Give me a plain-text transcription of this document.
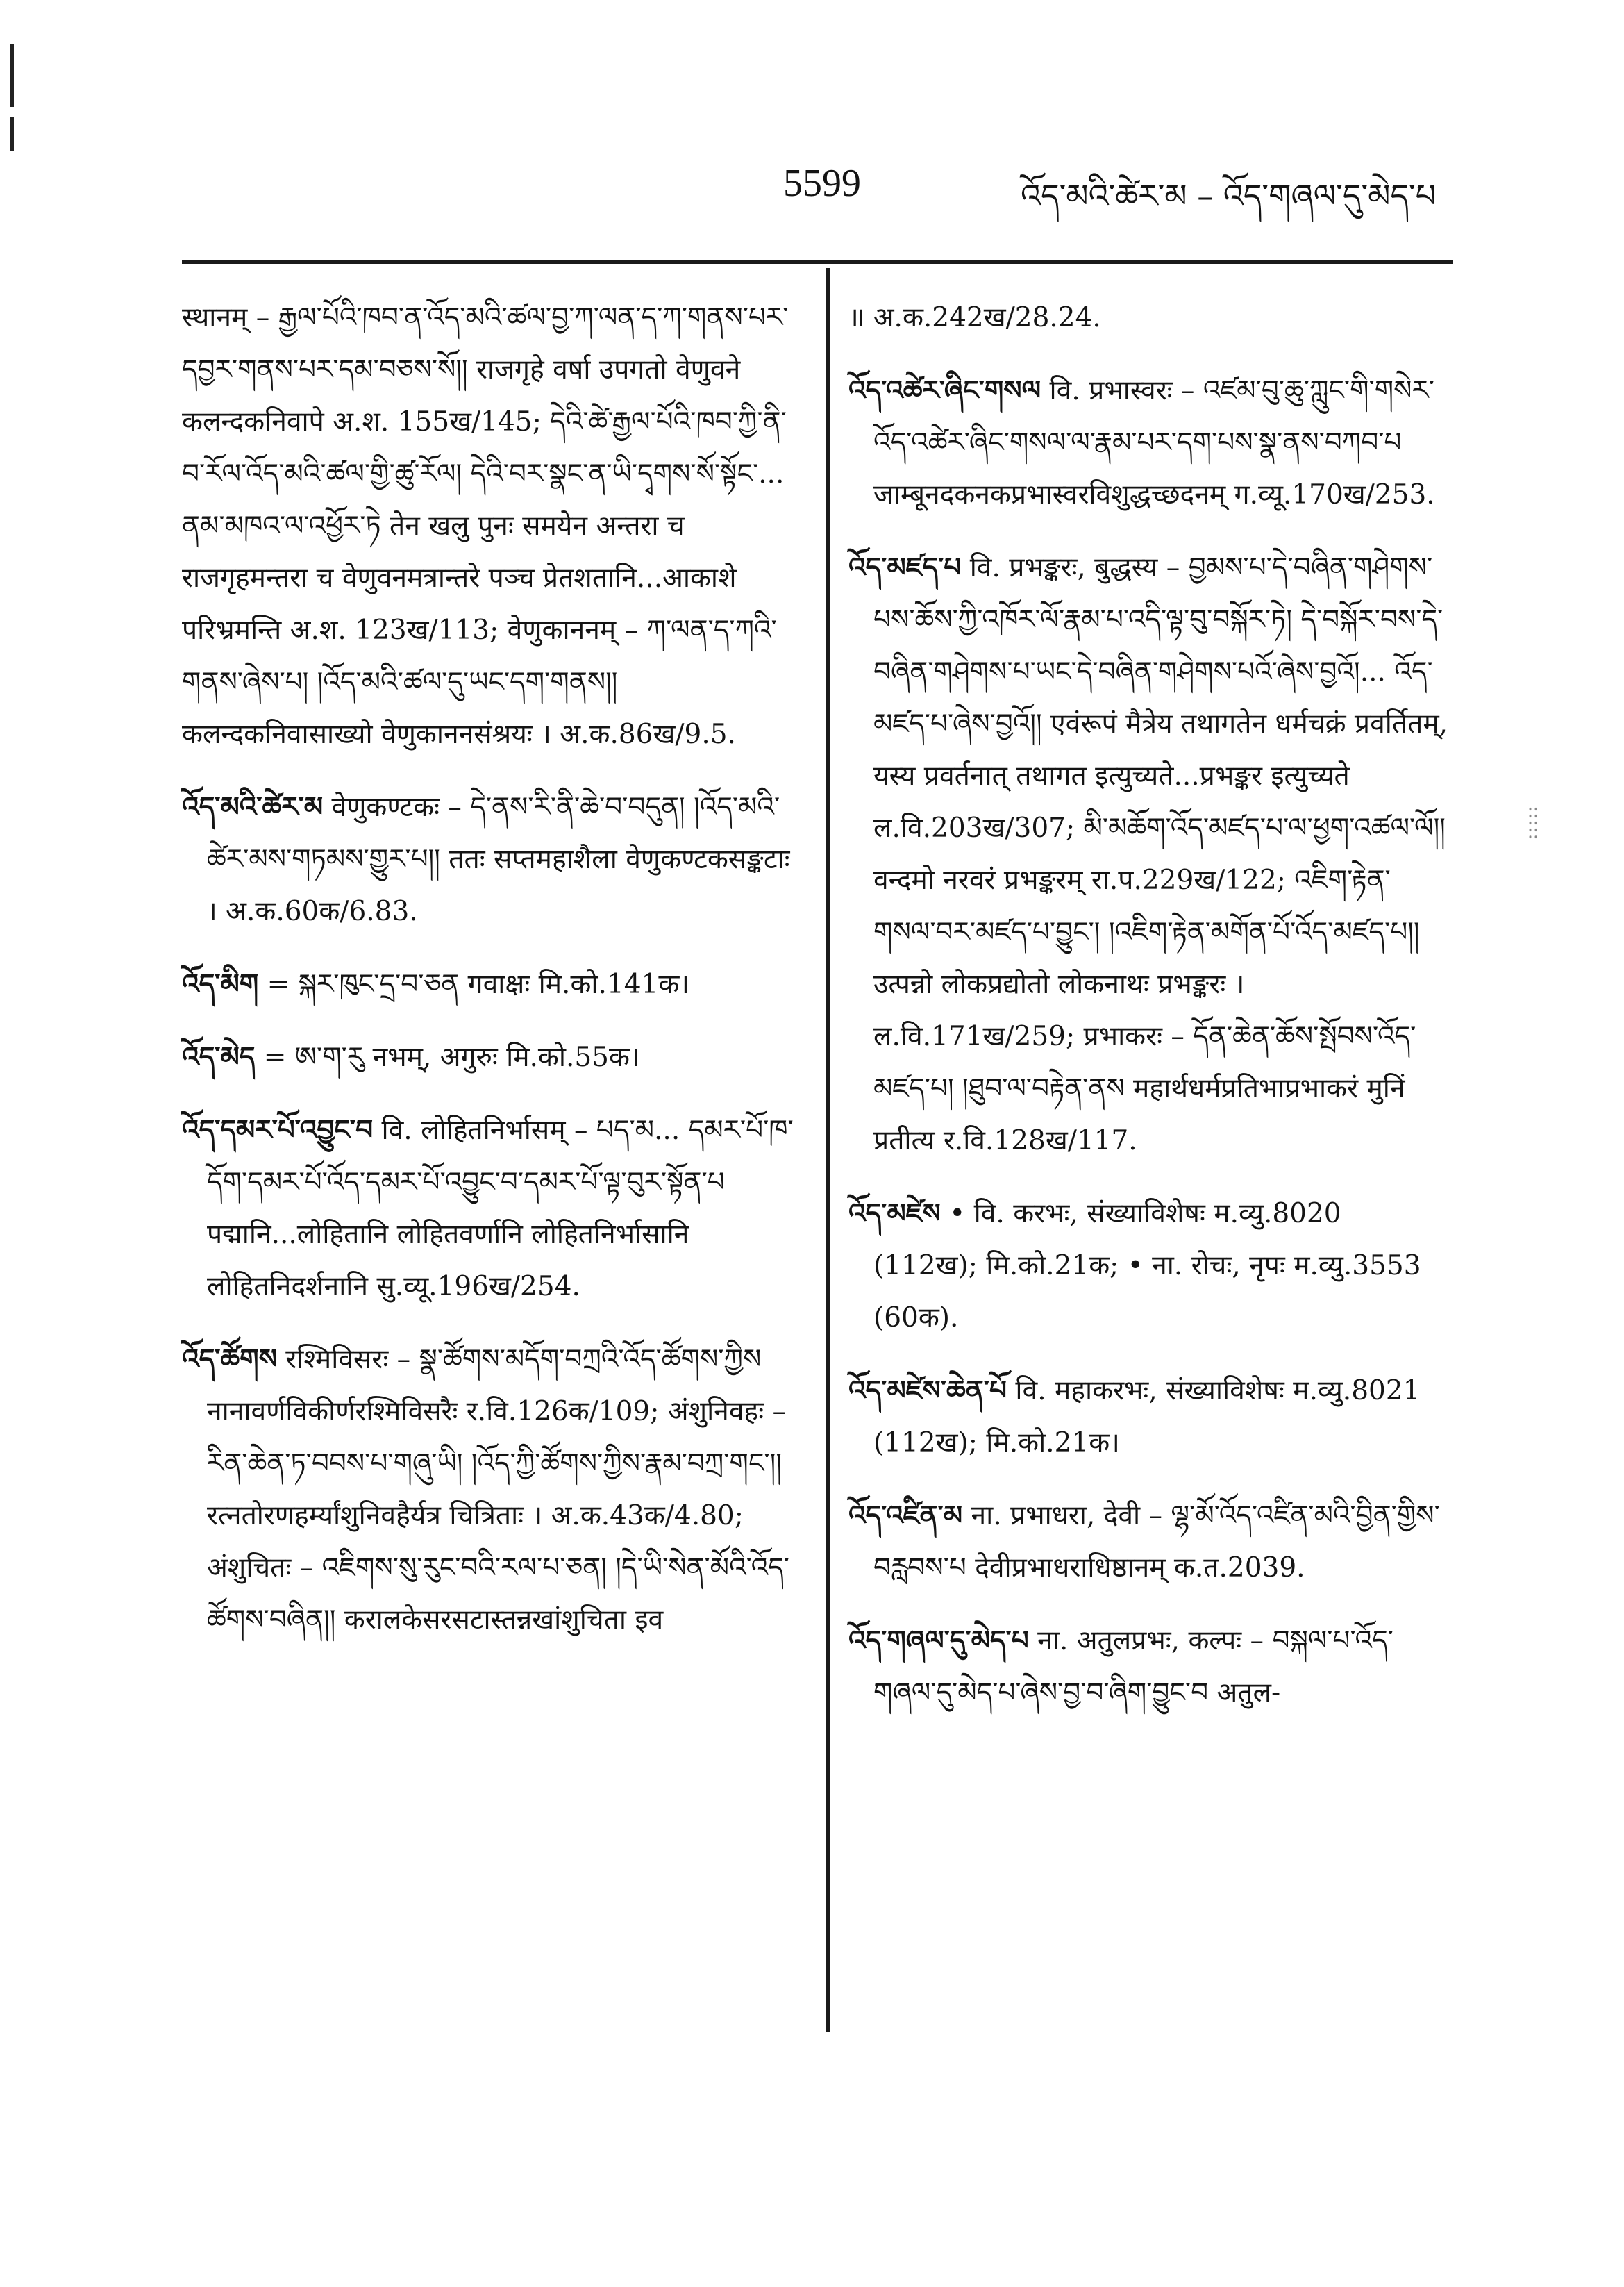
5599	འོད་མའི་ཚེར་མ – འོད་གཞལ་དུ་མེད་པ

स्थानम् – རྒྱལ་པོའི་ཁབ་ན་འོད་མའི་ཚལ་བྱ་ཀ་ལན་ད་ཀ་གནས་པར་དབྱར་གནས་པར་དམ་བཅས་སོ།། राजगृहे वर्षा उपगतो वेणुवने कलन्दकनिवापे अ.श. 155ख/145; དེའི་ཚེ་རྒྱལ་པོའི་ཁབ་ཀྱི་ནི་བ་རོལ་འོད་མའི་ཚལ་གྱི་ཚུ་རོལ། དེའི་བར་སྣང་ན་ཡི་དྭགས་སོ་སྟོང་... ནམ་མཁའ་ལ་འཕྱོར་ཏེ तेन खलु पुनः समयेन अन्तरा च राजगृहमन्तरा च वेणुवनमत्रान्तरे पञ्च प्रेतशतानि...आकाशे परिभ्रमन्ति अ.श. 123ख/113; वेणुकाननम् – ཀ་ལན་ད་ཀའི་གནས་ཞེས་པ། །འོད་མའི་ཚལ་དུ་ཡང་དག་གནས།། कलन्दकनिवासाख्यो वेणुकाननसंश्रयः । अ.क.86ख/9.5.

འོད་མའི་ཚེར་མ वेणुकण्टकः – དེ་ནས་རི་ནི་ཆེ་བ་བདུན། །འོད་མའི་ཚེར་མས་གཏམས་གྱུར་པ།། ततः सप्तमहाशैला वेणुकण्टकसङ्कटाः । अ.क.60क/6.83.

འོད་མིག = སྐར་ཁུང་དྲ་བ་ཅན गवाक्षः मि.को.141क।

འོད་མེད = ཨ་ག་རུ नभम्, अगुरुः मि.को.55क।

འོད་དམར་པོ་འབྱུང་བ वि. लोहितनिर्भासम् – པད་མ... དམར་པོ་ཁ་དོག་དམར་པོ་འོད་དམར་པོ་འབྱུང་བ་དམར་པོ་ལྟ་བུར་སྟོན་པ पद्मानि...लोहितानि लोहितवर्णानि लोहितनिर्भासानि लोहितनिदर्शनानि सु.व्यू.196ख/254.

འོད་ཚོགས रश्मिविसरः – སྣ་ཚོགས་མདོག་བཀྲའི་འོད་ཚོགས་ཀྱིས नानावर्णविकीर्णरश्मिविसरैः र.वि.126क/109; अंशुनिवहः – རིན་ཆེན་ཏ་བབས་པ་གཞུ་ཡི། །འོད་ཀྱི་ཚོགས་ཀྱིས་རྣམ་བཀྲ་གང་།། रत्नतोरणहर्म्यांशुनिवहैर्यत्र चित्रिताः । अ.क.43क/4.80; अंशुचितः – འཇིགས་སུ་རུང་བའི་རལ་པ་ཅན། །དེ་ཡི་སེན་མོའི་འོད་ཚོགས་བཞིན།། करालकेसरसटास्तन्नखांशुचिता इव

॥ अ.क.242ख/28.24.

འོད་འཚེར་ཞིང་གསལ वि. प्रभास्वरः – འཛམ་བུ་ཆུ་ཀླུང་གི་གསེར་འོད་འཚེར་ཞིང་གསལ་ལ་རྣམ་པར་དག་པས་སྣ་ནས་བཀབ་པ जाम्बूनदकनकप्रभास्वरविशुद्धच्छदनम् ग.व्यू.170ख/253.

འོད་མཛད་པ वि. प्रभङ्करः, बुद्धस्य – བྱམས་པ་དེ་བཞིན་གཤེགས་པས་ཆོས་ཀྱི་འཁོར་ལོ་རྣམ་པ་འདི་ལྟ་བུ་བསྐོར་ཏེ། དེ་བསྐོར་བས་དེ་བཞིན་གཤེགས་པ་ཡང་དེ་བཞིན་གཤེགས་པའོ་ཞེས་བྱའོ།... འོད་མཛད་པ་ཞེས་བྱའོ།། एवंरूपं मैत्रेय तथागतेन धर्मचक्रं प्रवर्तितम्, यस्य प्रवर्तनात् तथागत इत्युच्यते...प्रभङ्कर इत्युच्यते ल.वि.203ख/307; མི་མཆོག་འོད་མཛད་པ་ལ་ཕྱག་འཚལ་ལོ།། वन्दमो नरवरं प्रभङ्करम् रा.प.229ख/122; འཇིག་རྟེན་གསལ་བར་མཛད་པ་བྱུང་། །འཇིག་རྟེན་མགོན་པོ་འོད་མཛད་པ།། उत्पन्नो लोकप्रद्योतो लोकनाथः प्रभङ्करः । ल.वि.171ख/259; प्रभाकरः – དོན་ཆེན་ཆོས་སྤོབས་འོད་མཛད་པ། །ཐུབ་ལ་བརྟེན་ནས महार्थधर्मप्रतिभाप्रभाकरं मुनिं प्रतीत्य र.वि.128ख/117.

འོད་མཛེས • वि. करभः, संख्याविशेषः म.व्यु.8020 (112ख); मि.को.21क; • ना. रोचः, नृपः म.व्यु.3553 (60क).

འོད་མཛེས་ཆེན་པོ वि. महाकरभः, संख्याविशेषः म.व्यु.8021 (112ख); मि.को.21क।

འོད་འཛིན་མ ना. प्रभाधरा, देवी – ལྷ་མོ་འོད་འཛིན་མའི་བྱིན་གྱིས་བརླབས་པ देवीप्रभाधराधिष्ठानम् क.त.2039.

འོད་གཞལ་དུ་མེད་པ ना. अतुलप्रभः, कल्पः – བསྐལ་པ་འོད་གཞལ་དུ་མེད་པ་ཞེས་བྱ་བ་ཞིག་བྱུང་བ अतुल-
